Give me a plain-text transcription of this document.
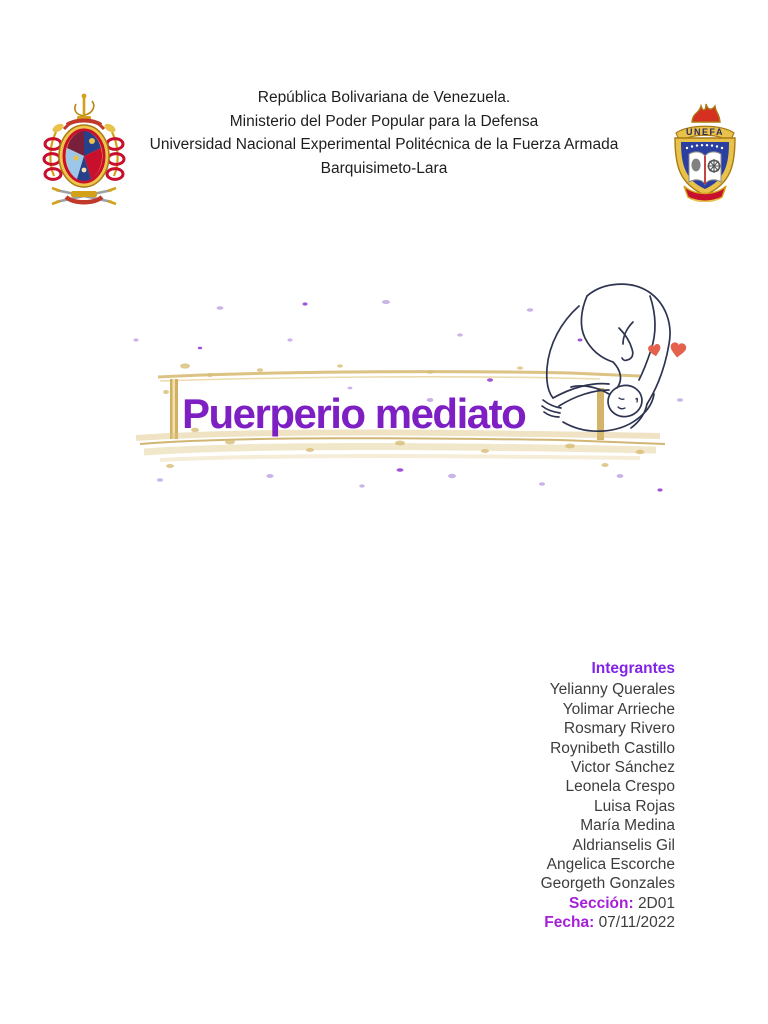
República Bolivariana de Venezuela.
Ministerio del Poder Popular para la Defensa
Universidad Nacional Experimental Politécnica de la Fuerza Armada
Barquisimeto-Lara
UNEFA
Puerperio mediato
Integrantes
Yelianny Querales
Yolimar Arrieche
Rosmary Rivero
Roynibeth Castillo
Victor Sánchez
Leonela Crespo
Luisa Rojas
María Medina
Aldrianselis Gil
Angelica Escorche
Georgeth Gonzales
Sección: 2D01
Fecha: 07/11/2022
